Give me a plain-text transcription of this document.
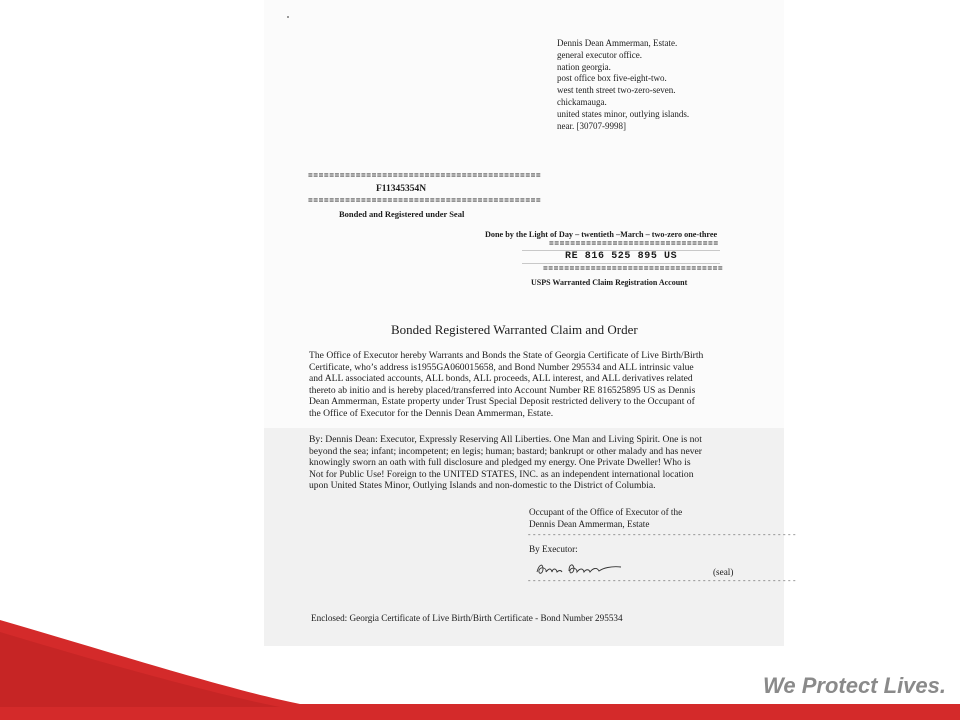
Dennis Dean Ammerman, Estate.
general executor office.
nation georgia.
post office box five-eight-two.
west tenth street two-zero-seven.
chickamauga.
united states minor, outlying islands.
near. [30707-9998]
============================================
F11345354N
============================================
Bonded and Registered under Seal
Done by the Light of Day – twentieth –March – two-zero one-three
================================
RE 816 525 895 US
==================================
USPS Warranted Claim Registration Account
Bonded Registered Warranted Claim and Order
The Office of Executor hereby Warrants and Bonds the State of Georgia Certificate of Live Birth/Birth
Certificate, who’s address is1955GA060015658, and Bond Number 295534 and ALL intrinsic value
and ALL associated accounts, ALL bonds, ALL proceeds, ALL interest, and ALL derivatives related
thereto ab initio and is hereby placed/transferred into Account Number RE 816525895 US as Dennis
Dean Ammerman, Estate property under Trust Special Deposit restricted delivery to the Occupant of
the Office of Executor for the Dennis Dean Ammerman, Estate.
By: Dennis Dean: Executor, Expressly Reserving All Liberties. One Man and Living Spirit. One is not
beyond the sea; infant; incompetent; en legis; human; bastard; bankrupt or other malady and has never
knowingly sworn an oath with full disclosure and pledged my energy. One Private Dweller! Who is
Not for Public Use! Foreign to the UNITED STATES, INC. as an independent international location
upon United States Minor, Outlying Islands and non-domestic to the District of Columbia.
Occupant of the Office of Executor of the
Dennis Dean Ammerman, Estate
------------------------------------------------------
By Executor:
(seal)
------------------------------------------------------
Enclosed: Georgia Certificate of Live Birth/Birth Certificate - Bond Number 295534
We Protect Lives.
